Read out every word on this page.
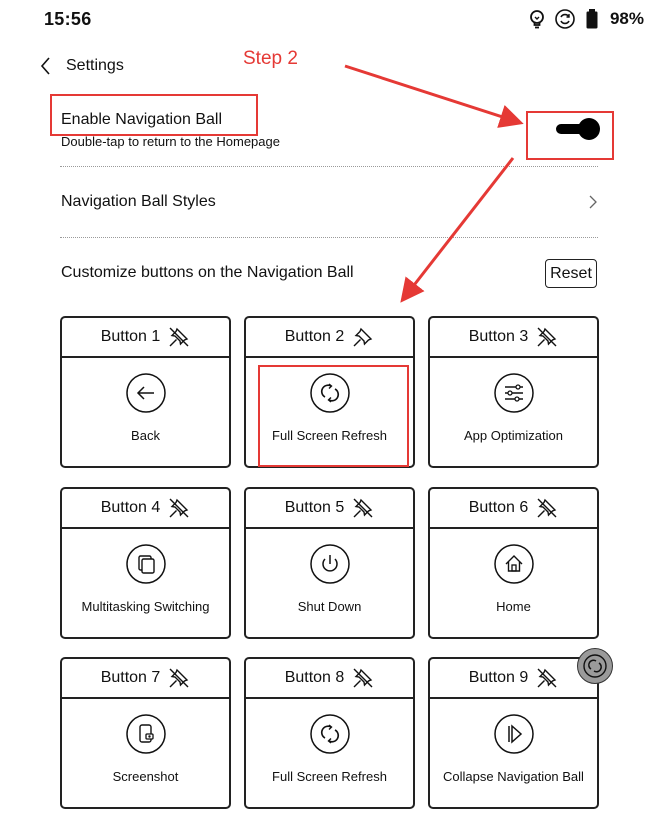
15:56	98%
Settings
Enable Navigation Ball
Double-tap to return to the Homepage
Navigation Ball Styles
Customize buttons on the Navigation Ball	Reset
Button 1
Back
Button 2
Full Screen Refresh
Button 3
App Optimization
Button 4
Multitasking Switching
Button 5
Shut Down
Button 6
Home
Button 7
Screenshot
Button 8
Full Screen Refresh
Button 9
Collapse Navigation Ball
Step 2
